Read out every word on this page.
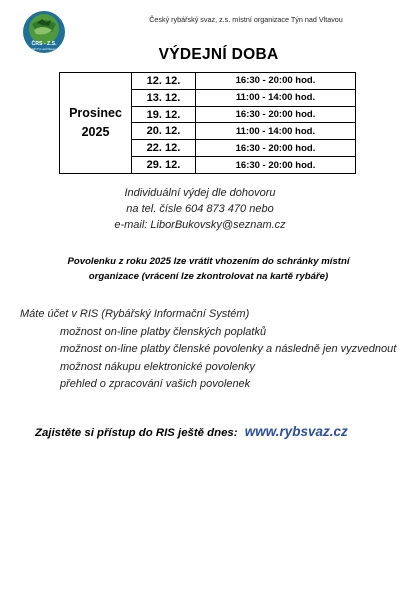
ČRS - Z.S.
MO Týn nad Vltavou
Český rybářský svaz, z.s. místní organizace Týn nad Vltavou
VÝDEJNÍ DOBA
Prosinec
2025
12. 12.	16:30 - 20:00 hod.
13. 12.	11:00 - 14:00 hod.
19. 12.	16:30 - 20:00 hod.
20. 12.	11:00 - 14:00 hod.
22. 12.	16:30 - 20:00 hod.
29. 12.	16:30 - 20:00 hod.
Individuální výdej dle dohovoru
na tel. čísle 604 873 470 nebo
e-mail: LiborBukovsky@seznam.cz
Povolenku z roku 2025 lze vrátit vhozením do schránky místní
organizace (vrácení lze zkontrolovat na kartě rybáře)
Máte účet v RIS (Rybářský Informační Systém)
možnost on-line platby členských poplatků
možnost on-line platby členské povolenky a následně jen vyzvednout
možnost nákupu elektronické povolenky
přehled o zpracování vašich povolenek
Zajistěte si přístup do RIS ještě dnes: www.rybsvaz.cz
